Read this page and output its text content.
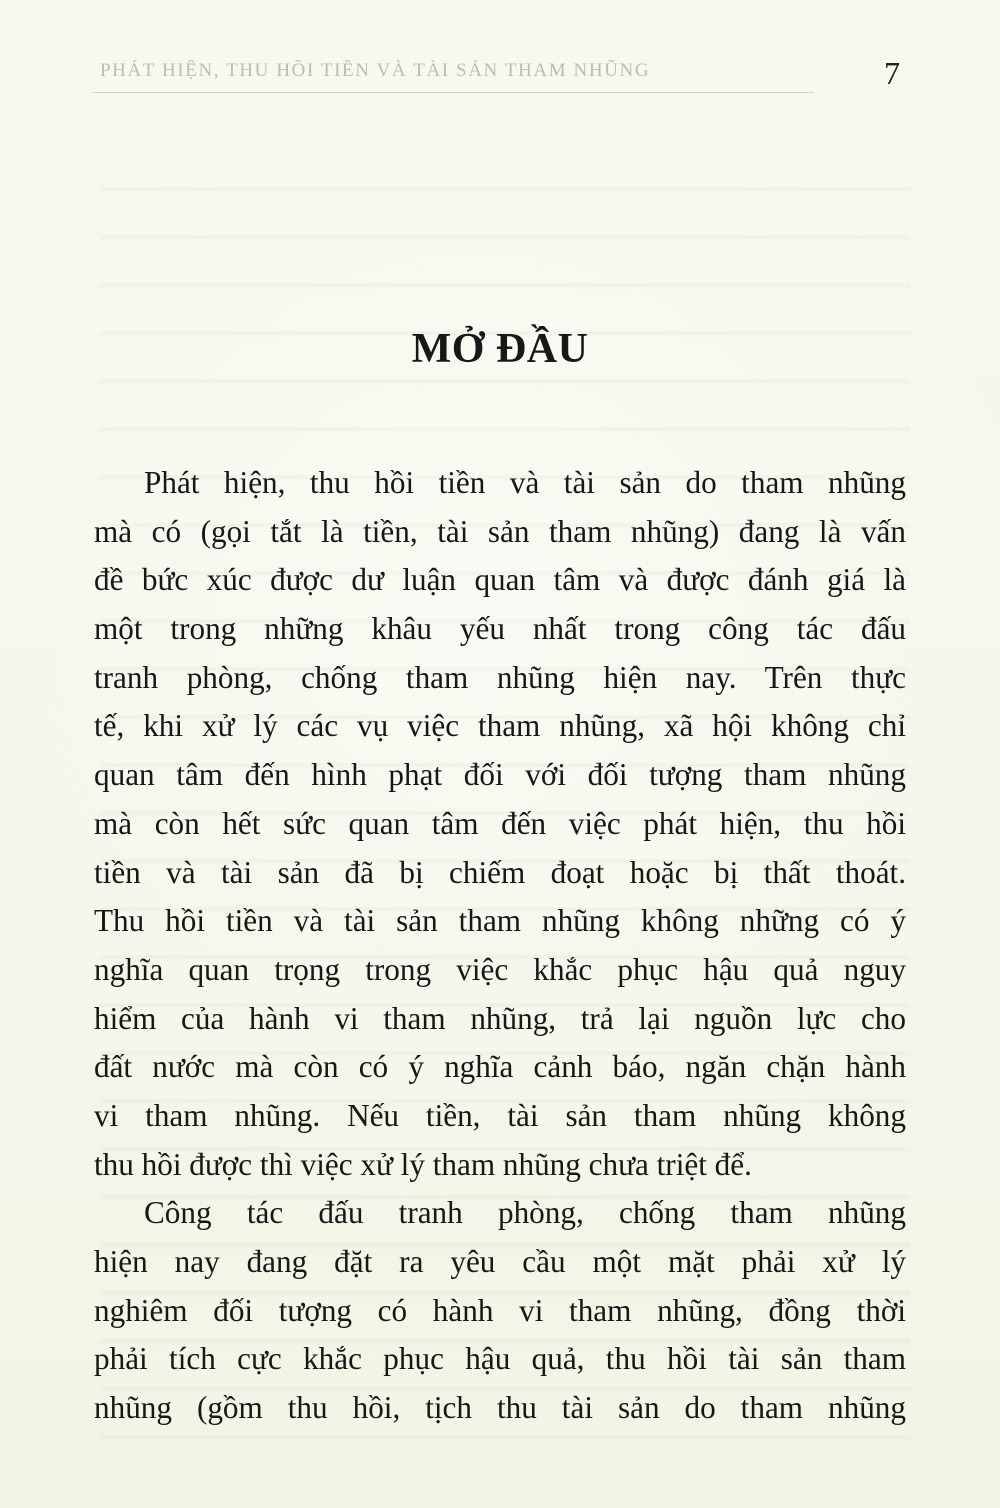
PHÁT HIỆN, THU HỒI TIỀN VÀ TÀI SẢN THAM NHŨNG	7
MỞ ĐẦU
Phát hiện, thu hồi tiền và tài sản do tham nhũng
mà có (gọi tắt là tiền, tài sản tham nhũng) đang là vấn
đề bức xúc được dư luận quan tâm và được đánh giá là
một trong những khâu yếu nhất trong công tác đấu
tranh phòng, chống tham nhũng hiện nay. Trên thực
tế, khi xử lý các vụ việc tham nhũng, xã hội không chỉ
quan tâm đến hình phạt đối với đối tượng tham nhũng
mà còn hết sức quan tâm đến việc phát hiện, thu hồi
tiền và tài sản đã bị chiếm đoạt hoặc bị thất thoát.
Thu hồi tiền và tài sản tham nhũng không những có ý
nghĩa quan trọng trong việc khắc phục hậu quả nguy
hiểm của hành vi tham nhũng, trả lại nguồn lực cho
đất nước mà còn có ý nghĩa cảnh báo, ngăn chặn hành
vi tham nhũng. Nếu tiền, tài sản tham nhũng không
thu hồi được thì việc xử lý tham nhũng chưa triệt để.
Công tác đấu tranh phòng, chống tham nhũng
hiện nay đang đặt ra yêu cầu một mặt phải xử lý
nghiêm đối tượng có hành vi tham nhũng, đồng thời
phải tích cực khắc phục hậu quả, thu hồi tài sản tham
nhũng (gồm thu hồi, tịch thu tài sản do tham nhũng
